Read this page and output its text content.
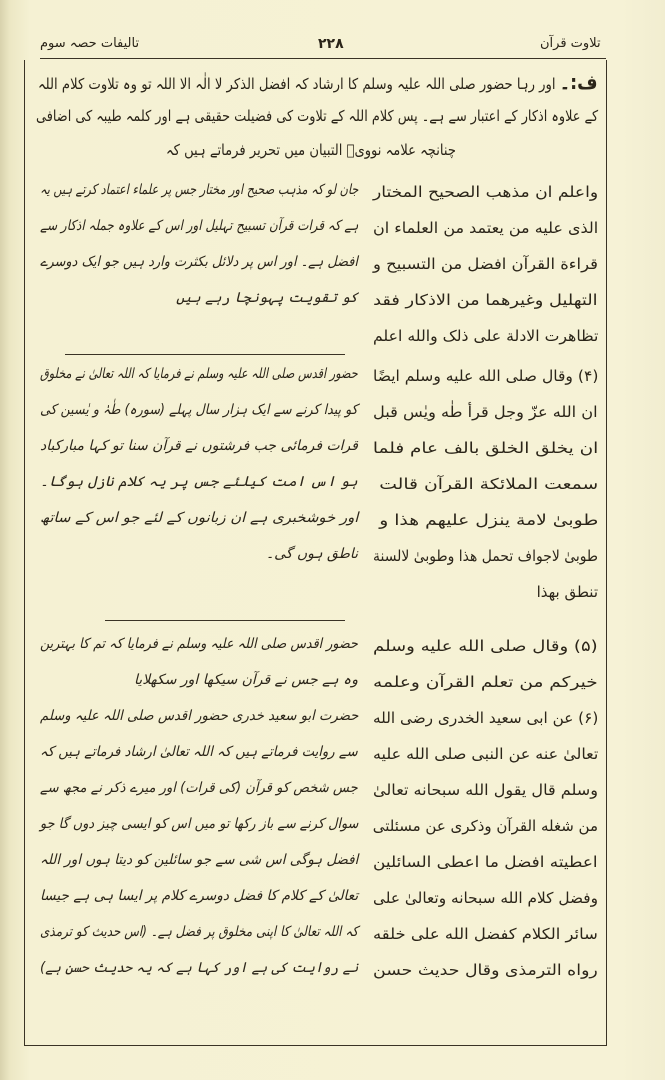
تالیفات حصہ سوم	۲۲۸	تلاوت قرآن
ف:۔ اور رہا حضور صلی اللہ علیہ وسلم کا ارشاد کہ افضل الذکر لا الٰہ الا اللہ تو وہ تلاوت کلام اللہ
کے علاوہ اذکار کے اعتبار سے ہے۔ پس کلام اللہ کے تلاوت کی فضیلت حقیقی ہے اور کلمہ طیبہ کی اضافی
چنانچہ علامہ نوویؒ التبیان میں تحریر فرماتے ہیں کہ
واعلم ان مذهب الصحيح المختار
جان لو کہ مذہب صحیح اور مختار جس پر علماء اعتماد کرتے ہیں یہ
الذی علیه من یعتمد من العلماء ان
ہے کہ قرات قرآن تسبیح تہلیل اور اس کے علاوہ جملہ اذکار سے
قراءة القرآن افضل من التسبيح و
افضل ہے۔ اور اس پر دلائل بکثرت وارد ہیں جو ایک دوسرے
التهليل وغيرهما من الاذكار فقد
کو تقویت پہونچا رہے ہیں
تظاهرت الادلة علی ذلک والله اعلم
(۴) وقال صلی الله علیه وسلم ایضًا
حضور اقدس صلی اللہ علیہ وسلم نے فرمایا کہ اللہ تعالیٰ نے مخلوق
ان الله عزّ وجل قرأ طٰه ویٰس قبل
کو پیدا کرنے سے ایک ہزار سال پہلے (سورہ) طٰہٰ و یٰسین کی
ان یخلق الخلق بالف عام فلما
قرات فرمائی جب فرشتوں نے قرآن سنا تو کہا مبارکباد
سمعت الملائكة القرآن قالت
ہو اس امت کیلئے جس پر یہ کلام نازل ہوگا۔
طوبیٰ لامة ینزل علیهم هذا و
اور خوشخبری ہے ان زبانوں کے لئے جو اس کے ساتھ
طوبیٰ لاجواف تحمل هذا وطوبیٰ لالسنة
ناطق ہوں گی۔
تنطق بهذا
(۵) وقال صلی الله علیه وسلم
حضور اقدس صلی اللہ علیہ وسلم نے فرمایا کہ تم کا بہترین
خیرکم من تعلم القرآن وعلمه
وہ ہے جس نے قرآن سیکھا اور سکھلایا
(۶) عن ابی سعید الخدری رضی الله
حضرت ابو سعید خدری حضور اقدس صلی اللہ علیہ وسلم
تعالیٰ عنه عن النبی صلی الله علیه
سے روایت فرماتے ہیں کہ اللہ تعالیٰ ارشاد فرماتے ہیں کہ
وسلم قال یقول الله سبحانه تعالیٰ
جس شخص کو قرآن (کی قرات) اور میرے ذکر نے مجھ سے
من شغله القرآن وذکری عن مسئلتی
سوال کرنے سے باز رکھا تو میں اس کو ایسی چیز دوں گا جو
اعطیته افضل ما اعطی السائلین
افضل ہوگی اس شی سے جو سائلین کو دیتا ہوں اور اللہ
وفضل کلام الله سبحانه وتعالیٰ علی
تعالیٰ کے کلام کا فضل دوسرے کلام پر ایسا ہی ہے جیسا
سائر الکلام کفضل الله علی خلقه
کہ اللہ تعالیٰ کا اپنی مخلوق پر فضل ہے۔ (اس حدیث کو ترمذی
رواه الترمذی وقال حدیث حسن
نے روایت کی ہے اور کہا ہے کہ یہ حدیث حسن ہے)
